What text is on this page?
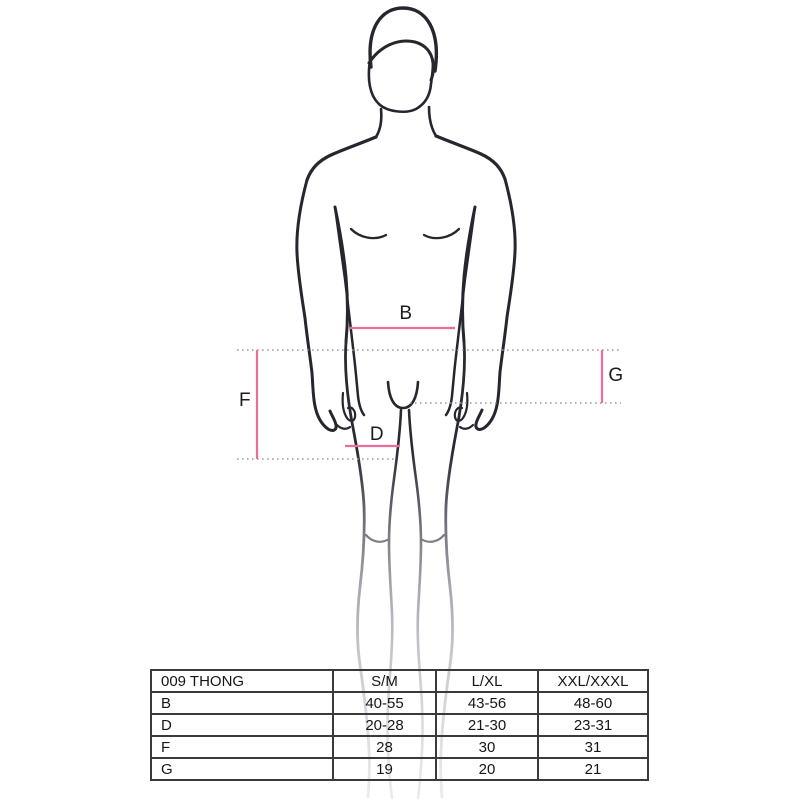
B
D
F
G
009 THONG	S/M	L/XL	XXL/XXXL
B	40-55	43-56	48-60
D	20-28	21-30	23-31
F	28	30	31
G	19	20	21
